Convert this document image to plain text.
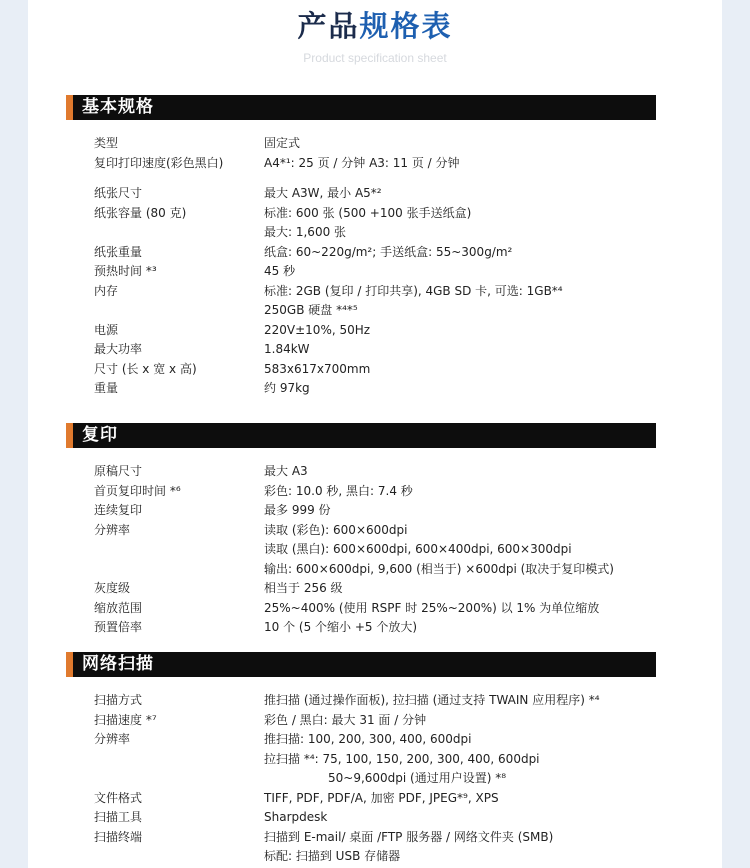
产品规格表
Product specification sheet
基本规格
类型	固定式
复印打印速度(彩色黑白)	A4*¹: 25 页 / 分钟 A3: 11 页 / 分钟
纸张尺寸	最大 A3W, 最小 A5*²
纸张容量 (80 克)	标准: 600 张 (500 +100 张手送纸盒)
最大: 1,600 张
纸张重量	纸盒: 60~220g/m²; 手送纸盒: 55~300g/m²
预热时间 *³	45 秒
内存	标准: 2GB (复印 / 打印共享), 4GB SD 卡, 可选: 1GB*⁴
250GB 硬盘 *⁴*⁵
电源	220V±10%, 50Hz
最大功率	1.84kW
尺寸 (长 x 宽 x 高)	583x617x700mm
重量	约 97kg
复印
原稿尺寸	最大 A3
首页复印时间 *⁶	彩色: 10.0 秒, 黑白: 7.4 秒
连续复印	最多 999 份
分辨率	读取 (彩色): 600×600dpi
读取 (黑白): 600×600dpi, 600×400dpi, 600×300dpi
输出: 600×600dpi, 9,600 (相当于) ×600dpi (取决于复印模式)
灰度级	相当于 256 级
缩放范围	25%~400% (使用 RSPF 时 25%~200%) 以 1% 为单位缩放
预置倍率	10 个 (5 个缩小 +5 个放大)
网络扫描
扫描方式	推扫描 (通过操作面板), 拉扫描 (通过支持 TWAIN 应用程序) *⁴
扫描速度 *⁷	彩色 / 黑白: 最大 31 面 / 分钟
分辨率	推扫描: 100, 200, 300, 400, 600dpi
拉扫描 *⁴: 75, 100, 150, 200, 300, 400, 600dpi
50~9,600dpi (通过用户设置) *⁸
文件格式	TIFF, PDF, PDF/A, 加密 PDF, JPEG*⁹, XPS
扫描工具	Sharpdesk
扫描终端	扫描到 E-mail/ 桌面 /FTP 服务器 / 网络文件夹 (SMB)
标配: 扫描到 USB 存储器
